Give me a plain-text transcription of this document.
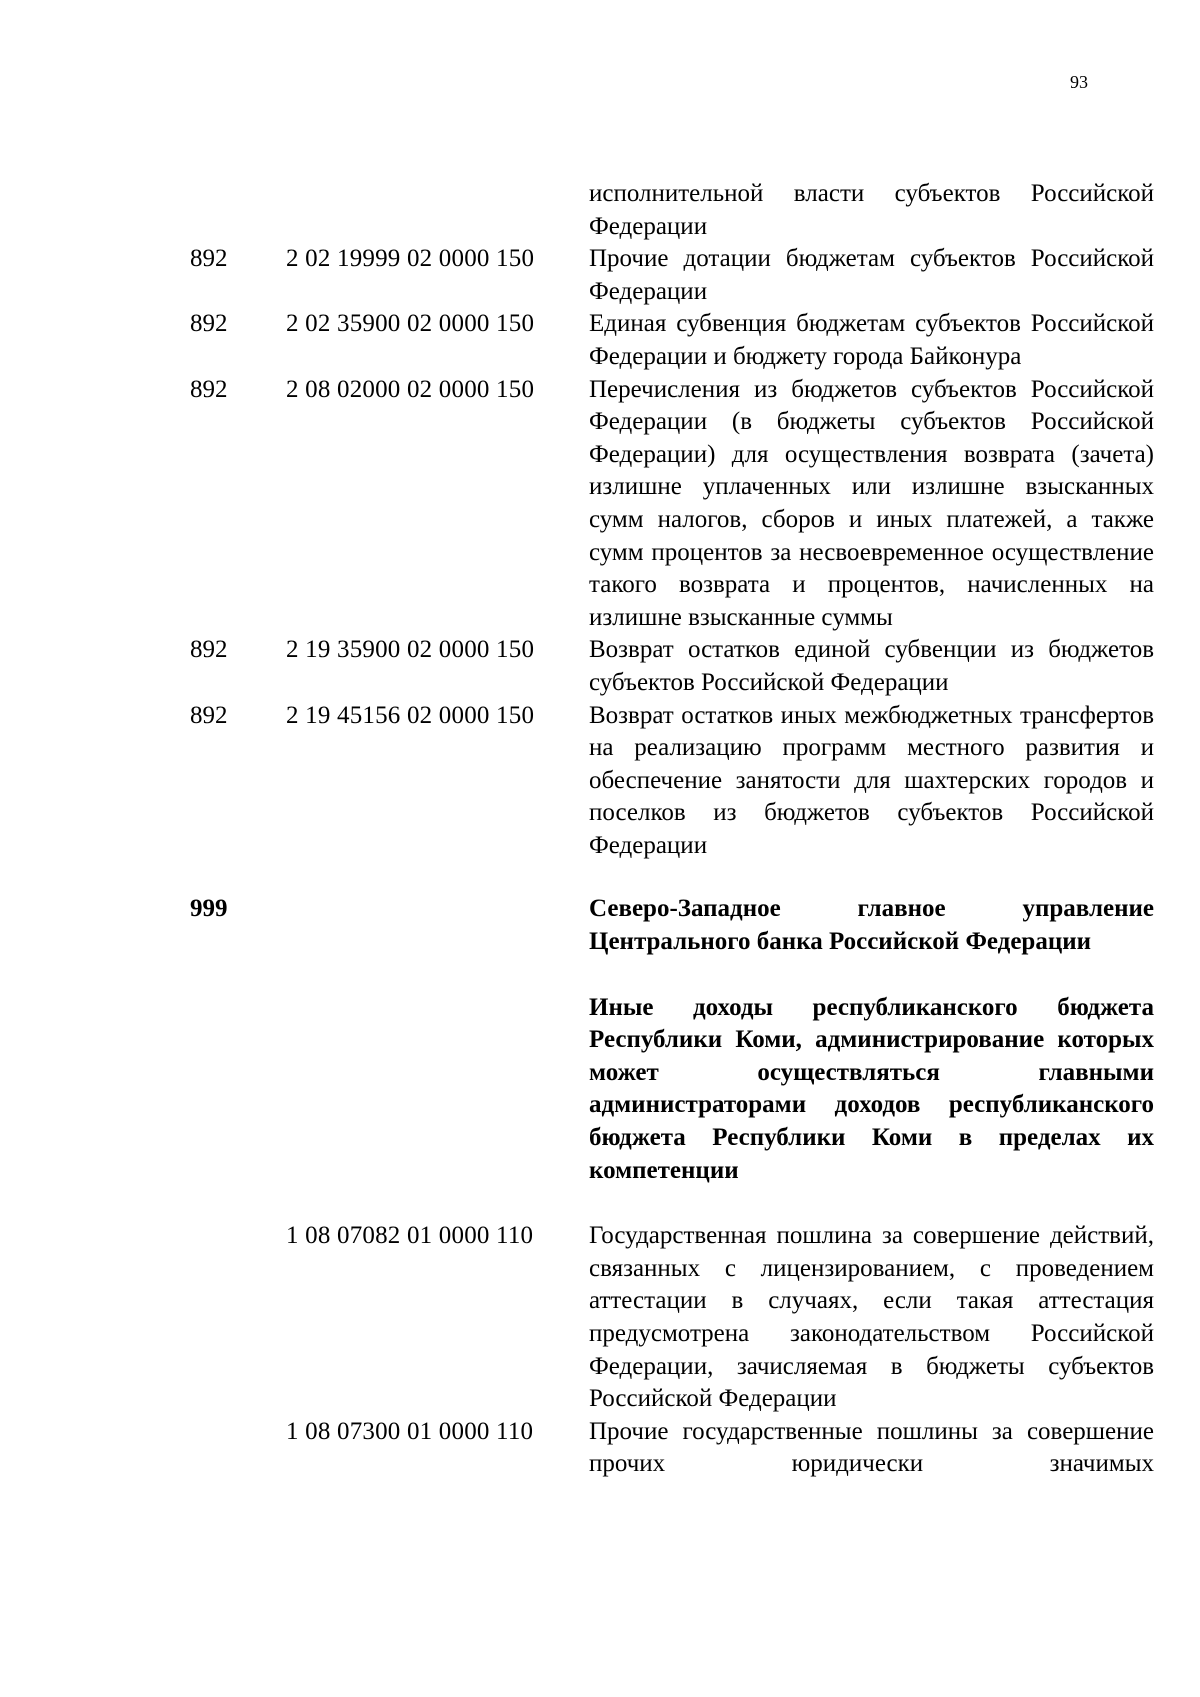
93
исполнительной власти субъектов Российской Федерации
892 2 02 19999 02 0000 150 Прочие дотации бюджетам субъектов Российской Федерации
892 2 02 35900 02 0000 150 Единая субвенция бюджетам субъектов Российской Федерации и бюджету города Байконура
892 2 08 02000 02 0000 150 Перечисления из бюджетов субъектов Российской Федерации (в бюджеты субъектов Российской Федерации) для осуществления возврата (зачета) излишне уплаченных или излишне взысканных сумм налогов, сборов и иных платежей, а также сумм процентов за несвоевременное осуществление такого возврата и процентов, начисленных на излишне взысканные суммы
892 2 19 35900 02 0000 150 Возврат остатков единой субвенции из бюджетов субъектов Российской Федерации
892 2 19 45156 02 0000 150 Возврат остатков иных межбюджетных трансфертов на реализацию программ местного развития и обеспечение занятости для шахтерских городов и поселков из бюджетов субъектов Российской Федерации
999	Северо-Западное главное управление Центрального банка Российской Федерации
Иные доходы республиканского бюджета Республики Коми, администрирование которых может осуществляться главными администраторами доходов республиканского бюджета Республики Коми в пределах их компетенции
1 08 07082 01 0000 110 Государственная пошлина за совершение действий, связанных с лицензированием, с проведением аттестации в случаях, если такая аттестация предусмотрена законодательством Российской Федерации, зачисляемая в бюджеты субъектов Российской Федерации
1 08 07300 01 0000 110 Прочие государственные пошлины за совершение прочих юридически значимых
